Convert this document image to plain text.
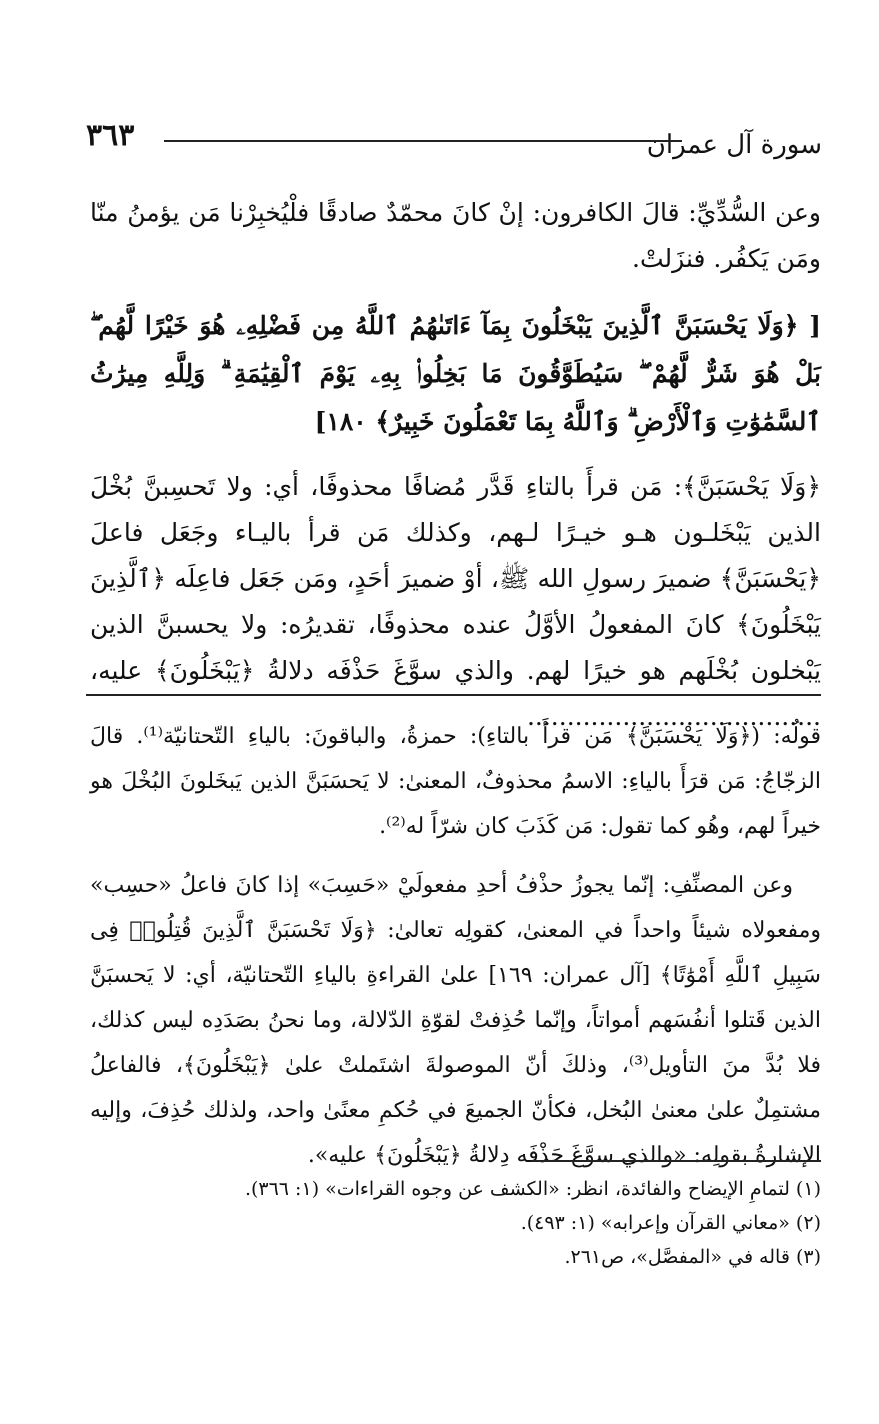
سورة آل عمران
٣٦٣

وعن السُّدِّيِّ: قالَ الكافرون: إنْ كانَ محمّدٌ صادقًا فلْيُخبِرْنا مَن يؤمنُ منّا ومَن يَكفُر. فنزَلتْ.

[ ﴿وَلَا يَحْسَبَنَّ ٱلَّذِينَ يَبْخَلُونَ بِمَآ ءَاتَىٰهُمُ ٱللَّهُ مِن فَضْلِهِۦ هُوَ خَيْرًا لَّهُم ۖ بَلْ هُوَ شَرٌّ لَّهُمْ ۖ سَيُطَوَّقُونَ مَا بَخِلُوا۟ بِهِۦ يَوْمَ ٱلْقِيَٰمَةِ ۗ وَلِلَّهِ مِيرَٰثُ ٱلسَّمَٰوَٰتِ وَٱلْأَرْضِ ۗ وَٱللَّهُ بِمَا تَعْمَلُونَ خَبِيرٌ﴾ ١٨٠]

﴿وَلَا يَحْسَبَنَّ﴾: مَن قرأَ بالتاءِ قَدَّر مُضافًا محذوفًا، أي: ولا تَحسِبنَّ بُخْلَ الذين يَبْخَلـون هـو خيـرًا لـهم، وكذلك مَن قرأ باليـاء وجَعَل فاعلَ ﴿يَحْسَبَنَّ﴾ ضميرَ رسولِ الله ﷺ، أوْ ضميرَ أحَدٍ، ومَن جَعَل فاعِلَه ﴿ٱلَّذِينَ يَبْخَلُونَ﴾ كانَ المفعولُ الأوَّلُ عنده محذوفًا، تقديرُه: ولا يحسبنَّ الذين يَبْخلون بُخْلَهم هو خيرًا لهم. والذي سوَّغَ حَذْفَه دلالةُ ﴿يَبْخَلُونَ﴾ عليه، .....................................

قولُه: (﴿وَلَا يَحْسَبَنَّ﴾ مَن قرأَ بالتاءِ): حمزةُ، والباقونَ: بالياءِ التّحتانيّة⁽¹⁾. قالَ الزجّاجُ: مَن قرَأَ بالياءِ: الاسمُ محذوفٌ، المعنىٰ: لا يَحسَبَنَّ الذين يَبخَلونَ البُخْلَ هو خيراً لهم، وهُو كما تقول: مَن كَذَبَ كان شرّاً له⁽²⁾.

وعن المصنِّفِ: إنّما يجوزُ حذْفُ أحدِ مفعولَيْ «حَسِبَ» إذا كانَ فاعلُ «حسِب» ومفعولاه شيئاً واحداً في المعنىٰ، كقولِه تعالىٰ: ﴿وَلَا تَحْسَبَنَّ ٱلَّذِينَ قُتِلُوا۟ فِى سَبِيلِ ٱللَّهِ أَمْوَٰتًا﴾ [آل عمران: ١٦٩] علىٰ القراءةِ بالياءِ التّحتانيّة، أي: لا يَحسبَنَّ الذين قَتلوا أنفُسَهم أمواتاً، وإنّما حُذِفتْ لقوّةِ الدّلالة، وما نحنُ بصَدَدِه ليس كذلك، فلا بُدَّ منَ التأويل⁽³⁾، وذلكَ أنّ الموصولةَ اشتَملتْ علىٰ ﴿يَبْخَلُونَ﴾، فالفاعلُ مشتمِلٌ علىٰ معنىٰ البُخل، فكأنّ الجميعَ في حُكمِ معنًىٰ واحد، ولذلك حُذِفَ، وإليه الإشارةُ بقولِه: «والذي سوَّغَ حَذْفَه دِلالةُ ﴿يَبْخَلُونَ﴾ عليه».

(١) لتمامِ الإيضاح والفائدة، انظر: «الكشف عن وجوه القراءات» (١: ٣٦٦).

(٢) «معاني القرآن وإعرابه» (١: ٤٩٣).

(٣) قاله في «المفصَّل»، ص٢٦١.
